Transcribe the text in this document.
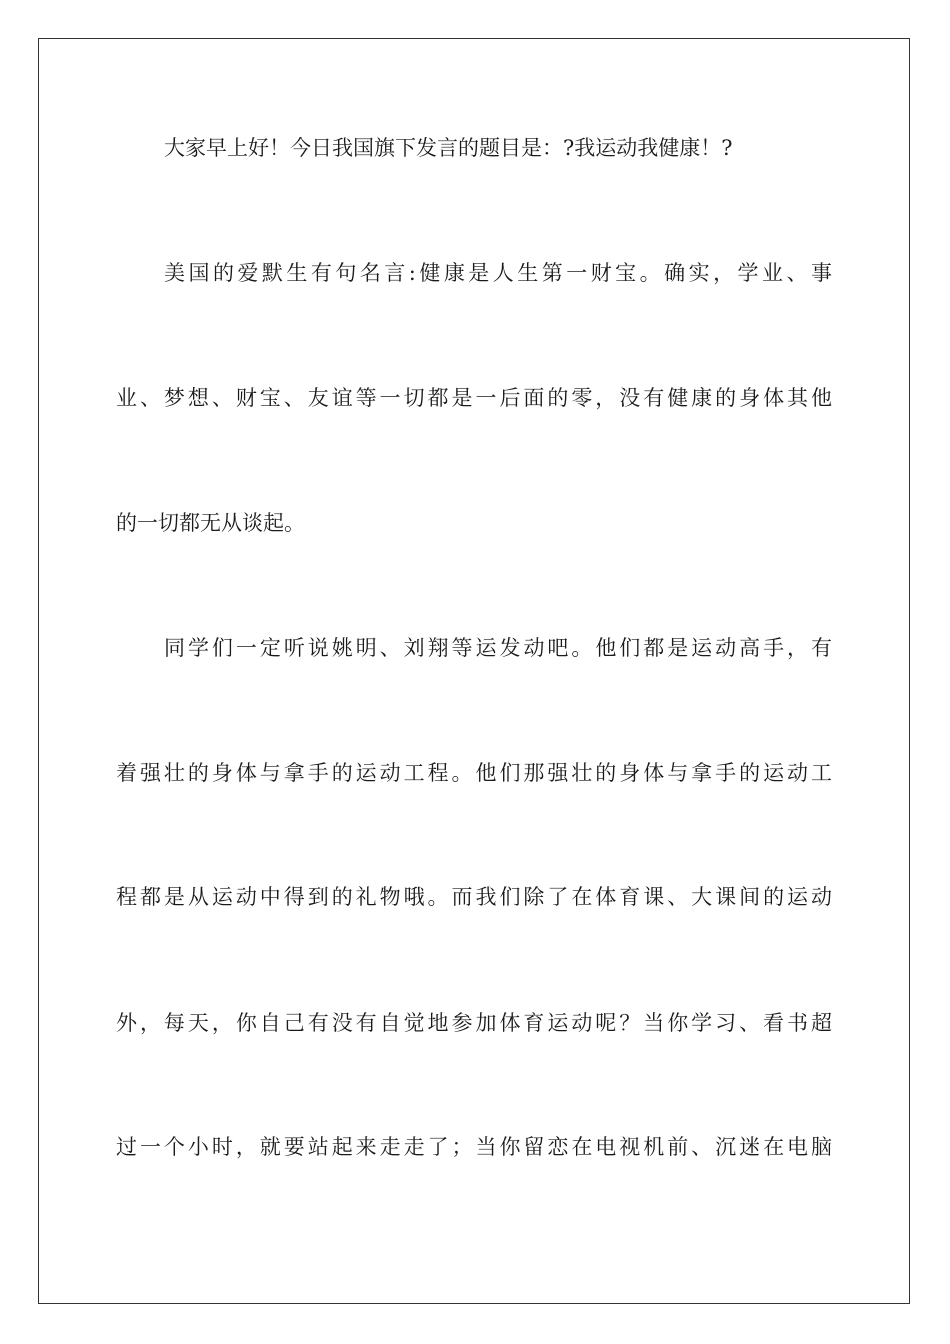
大家早上好！今日我国旗下发言的题目是：?我运动我健康！?
美国的爱默生有句名言:健康是人生第一财宝。确实，学业、事
业、梦想、财宝、友谊等一切都是一后面的零，没有健康的身体其他
的一切都无从谈起。
同学们一定听说姚明、刘翔等运发动吧。他们都是运动高手，有
着强壮的身体与拿手的运动工程。他们那强壮的身体与拿手的运动工
程都是从运动中得到的礼物哦。而我们除了在体育课、大课间的运动
外，每天，你自己有没有自觉地参加体育运动呢？当你学习、看书超
过一个小时，就要站起来走走了；当你留恋在电视机前、沉迷在电脑
